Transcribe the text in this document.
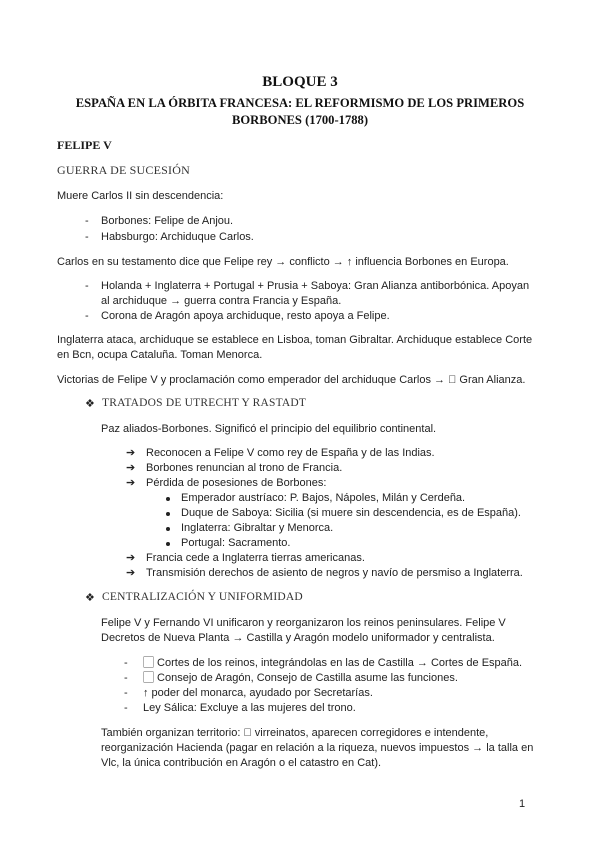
BLOQUE 3
ESPAÑA EN LA ÓRBITA FRANCESA: EL REFORMISMO DE LOS PRIMEROS
BORBONES (1700-1788)
FELIPE V
GUERRA DE SUCESIÓN
Muere Carlos II sin descendencia:
- Borbones: Felipe de Anjou.
- Habsburgo: Archiduque Carlos.
Carlos en su testamento dice que Felipe rey → conflicto → ↑ influencia Borbones en Europa.
- Holanda + Inglaterra + Portugal + Prusia + Saboya: Gran Alianza antiborbónica. Apoyan
al archiduque → guerra contra Francia y España.
- Corona de Aragón apoya archiduque, resto apoya a Felipe.
Inglaterra ataca, archiduque se establece en Lisboa, toman Gibraltar. Archiduque establece Corte
en Bcn, ocupa Cataluña. Toman Menorca.
Victorias de Felipe V y proclamación como emperador del archiduque Carlos → ⃞ Gran Alianza.
❖ TRATADOS DE UTRECHT Y RASTADT
Paz aliados-Borbones. Significó el principio del equilibrio continental.
➔ Reconocen a Felipe V como rey de España y de las Indias.
➔ Borbones renuncian al trono de Francia.
➔ Pérdida de posesiones de Borbones:
Emperador austríaco: P. Bajos, Nápoles, Milán y Cerdeña.
Duque de Saboya: Sicilia (si muere sin descendencia, es de España).
Inglaterra: Gibraltar y Menorca.
Portugal: Sacramento.
➔ Francia cede a Inglaterra tierras americanas.
➔ Transmisión derechos de asiento de negros y navío de persmiso a Inglaterra.
❖ CENTRALIZACIÓN Y UNIFORMIDAD
Felipe V y Fernando VI unificaron y reorganizaron los reinos peninsulares. Felipe V
Decretos de Nueva Planta → Castilla y Aragón modelo uniformador y centralista.
- ⃞ Cortes de los reinos, integrándolas en las de Castilla → Cortes de España.
- ⃞ Consejo de Aragón, Consejo de Castilla asume las funciones.
- ↑ poder del monarca, ayudado por Secretarías.
- Ley Sálica: Excluye a las mujeres del trono.
También organizan territorio: ⃞ virreinatos, aparecen corregidores e intendente,
reorganización Hacienda (pagar en relación a la riqueza, nuevos impuestos → la talla en
Vlc, la única contribución en Aragón o el catastro en Cat).
1
